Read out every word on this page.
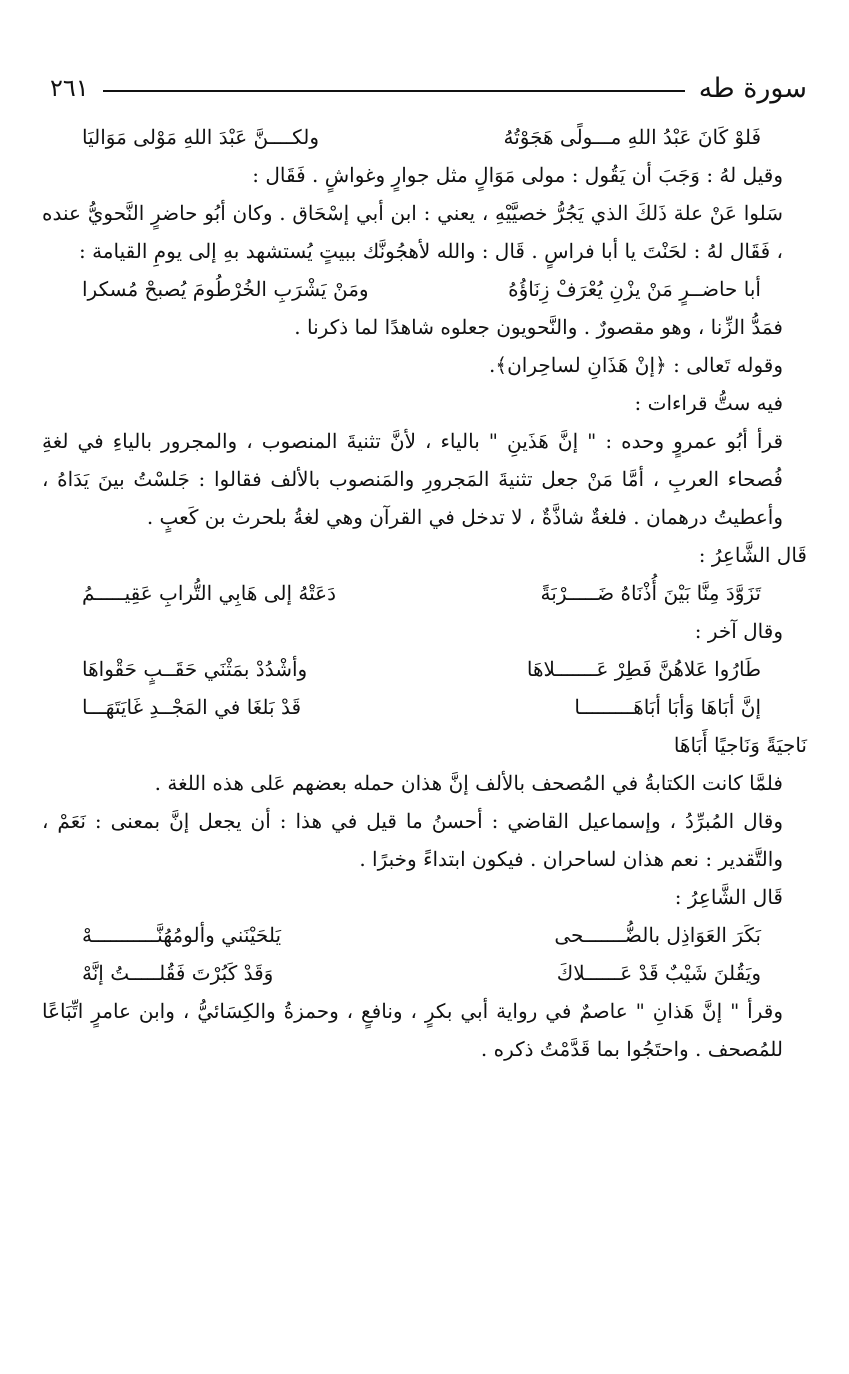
سورة طه
٢٦١
فَلوْ كَانَ عَبْدُ اللهِ مـــولًى هَجَوْتُهُ
ولكــــنَّ عَبْدَ اللهِ مَوْلى مَوَاليَا

وقيل لهُ : وَجَبَ أن يَقُول : مولى مَوَالٍ مثل جوارٍ وغواشٍ . فَقَال :

سَلوا عَنْ علة ذَلكَ الذي يَجُرُّ خصيَّيْهِ ، يعني : ابن أبي إسْحَاق . وكان أبُو حاضرٍ النَّحويُّ عنده ، فَقَال لهُ : لحَنْتَ يا أبا فراسٍ . قَال : والله لأهجُونَّك ببيتٍ يُستشهد بهِ إلى يومِ القيامة :

أبا حاضــرٍ مَنْ يزْنِ يُعْرَفْ زِنَاؤُهُ
ومَنْ يَشْرَبِ الخُرْطُومَ يُصبحْ مُسكرا

فمَدُّ الزِّنا ، وهو مقصورٌ . والنَّحويون جعلوه شاهدًا لما ذكرنا .

وقوله تَعالى : ﴿إنْ هَذَانِ لساحِران﴾.

فيه ستُّ قراءات :

قرأ أبُو عمروٍ وحده : " إنَّ هَذَينِ " بالياء ، لأنَّ تثنيةَ المنصوب ، والمجرور بالياءِ في لغةِ فُصحاء العربِ ، أمَّا مَنْ جعل تثنيةَ المَجرورِ والمَنصوب بالألف فقالوا : جَلسْتُ بينَ يَدَاهُ ، وأعطيتُ درهمان . فلغةٌ شاذَّةٌ ، لا تدخل في القرآن وهي لغةُ بلحرث بن كَعبٍ .

قَال الشَّاعِرُ :

تَزَوَّدَ مِنَّا بَيْنَ أُذْنَاهُ ضَـــــرْبَةً
دَعَتْهُ إلى هَابِي التُّرابِ عَقِيـــــمُ

وقال آخر :

طَارُوا عَلاهُنَّ فَطِرْ عَـــــــلاهَا
وأشْدُدْ بمَثْنَي حَقَــبٍ حَقْواهَا
إنَّ أبَاهَا وَأبَا أبَاهَـــــــــا
قَدْ بَلغَا في المَجْــدِ غَايَتَهَـــا

نَاجيَةً وَنَاجيًا أَبَاهَا

فلمَّا كانت الكتابةُ في المُصحف بالألف إنَّ هذان حمله بعضهم عَلى هذه اللغة .

وقال المُبرِّدُ ، وإسماعيل القاضي : أحسنُ ما قيل في هذا : أن يجعل إنَّ بمعنى : نَعَمْ ، والتَّقدير : نعم هذان لساحران . فيكون ابتداءً وخبرًا .

قَال الشَّاعِرُ :

بَكَرَ العَوَاذِل بالضُّـــــــحى
يَلحَيْنَني وألومُهُنَّـــــــــــهْ
ويَقُلنَ شَيْبٌ قَدْ عَــــــلاكَ
وَقَدْ كَبُرْتَ فَقُلـــــتُ إنَّهْ

وقرأ " إنَّ هَذانِ " عاصمٌ في رواية أبي بكرٍ ، ونافعٍ ، وحمزةُ والكِسَائيُّ ، وابن عامرٍ اتِّبَاعًا للمُصحف . واحتَجُوا بما قَدَّمْتُ ذكره .
